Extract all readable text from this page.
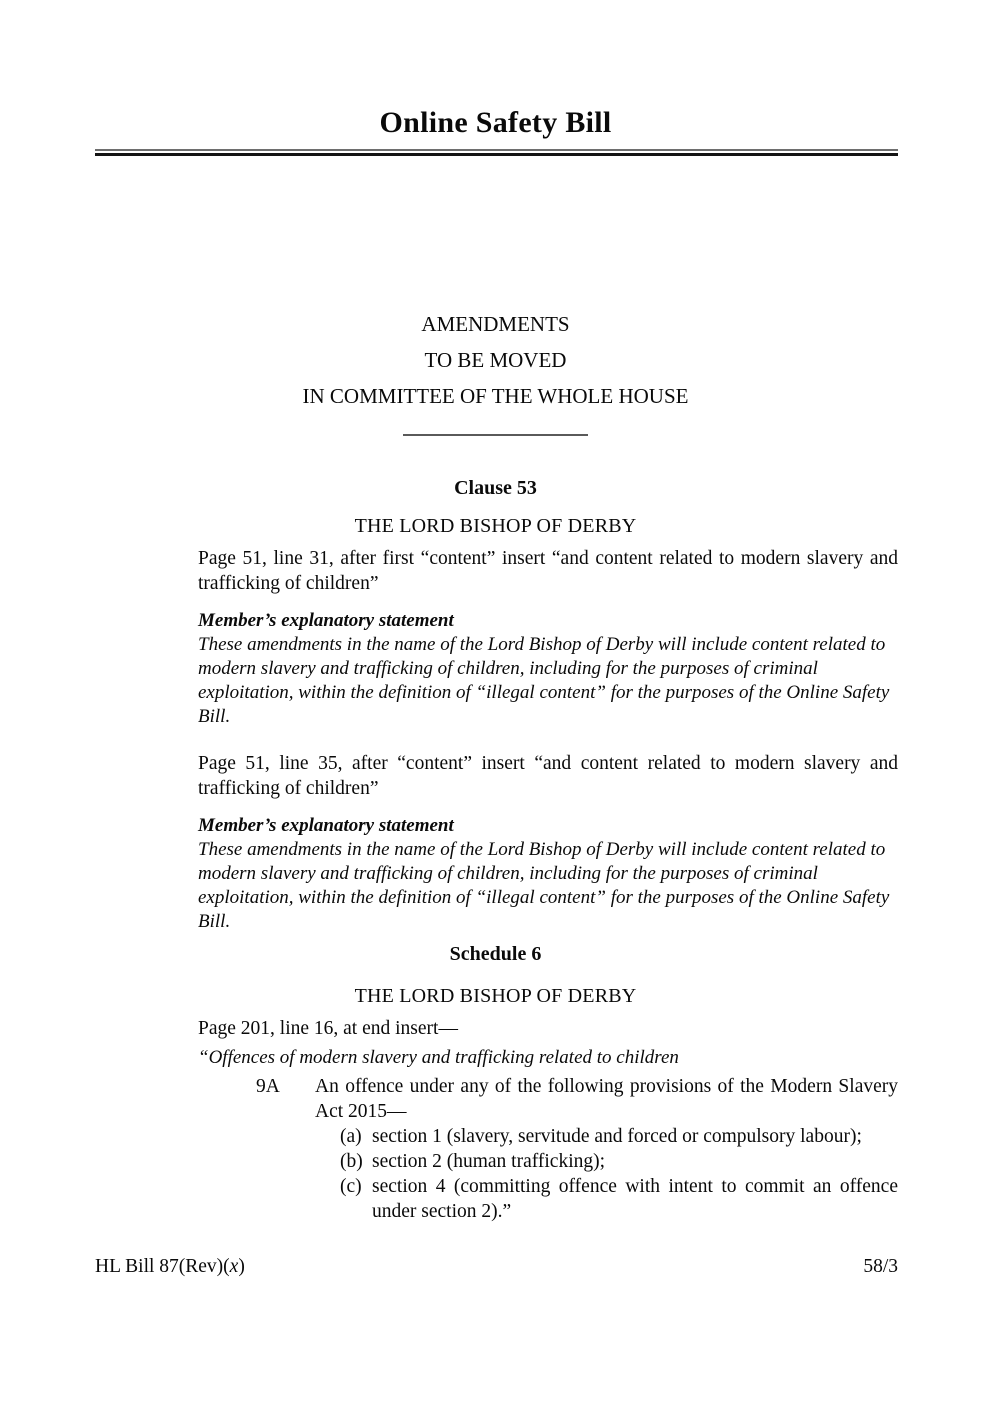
Online Safety Bill
AMENDMENTS
TO BE MOVED
IN COMMITTEE OF THE WHOLE HOUSE
Clause 53
THE LORD BISHOP OF DERBY
Page 51, line 31, after first “content” insert “and content related to modern slavery and trafficking of children”
Member’s explanatory statement
These amendments in the name of the Lord Bishop of Derby will include content related to modern slavery and trafficking of children, including for the purposes of criminal exploitation, within the definition of “illegal content” for the purposes of the Online Safety Bill.
Page 51, line 35, after “content” insert “and content related to modern slavery and trafficking of children”
Member’s explanatory statement
These amendments in the name of the Lord Bishop of Derby will include content related to modern slavery and trafficking of children, including for the purposes of criminal exploitation, within the definition of “illegal content” for the purposes of the Online Safety Bill.
Schedule 6
THE LORD BISHOP OF DERBY
Page 201, line 16, at end insert—
“Offences of modern slavery and trafficking related to children
9A	An offence under any of the following provisions of the Modern Slavery Act 2015—
(a) section 1 (slavery, servitude and forced or compulsory labour);
(b) section 2 (human trafficking);
(c) section 4 (committing offence with intent to commit an offence under section 2).”
HL Bill 87(Rev)(x)	58/3
